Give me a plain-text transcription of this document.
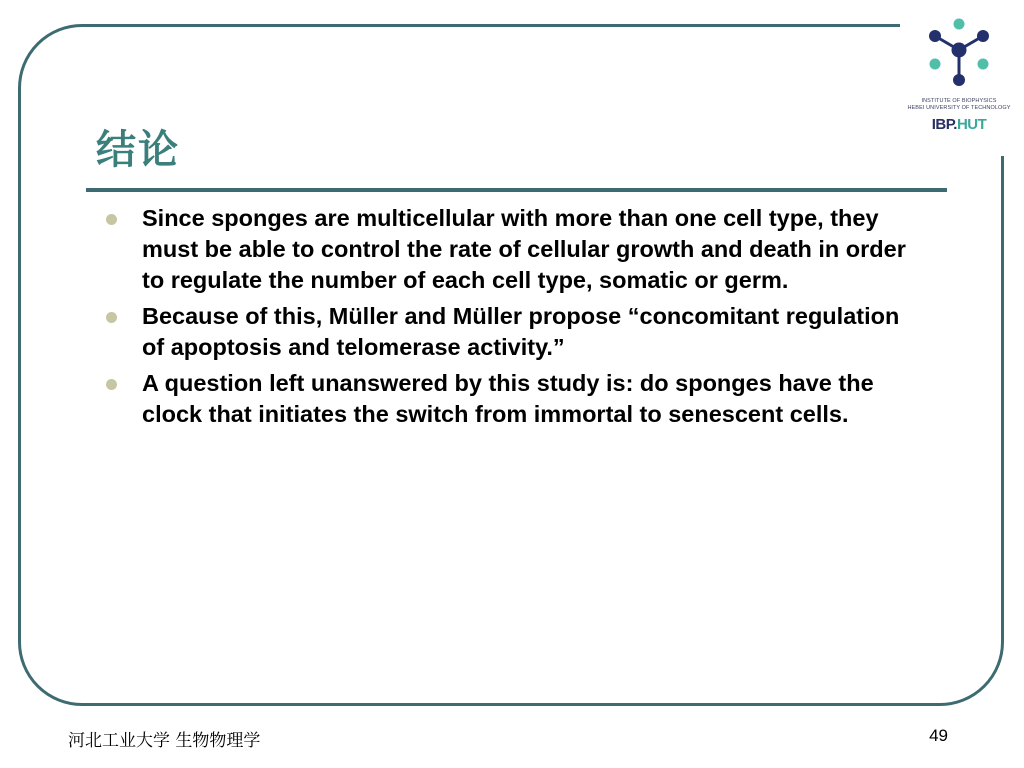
结论
Since sponges are multicellular with more than one cell type, they must be able to control the rate of cellular growth and death in order to regulate the number of each cell type, somatic or germ.
Because of this, Müller and Müller propose “concomitant regulation of apoptosis and telomerase activity.”
A question left unanswered by this study is: do sponges have the clock that initiates the switch from immortal to senescent cells.
INSTITUTE OF BIOPHYSICS
HEBEI UNIVERSITY OF TECHNOLOGY
IBP.HUT
河北工业大学 生物物理学	49
